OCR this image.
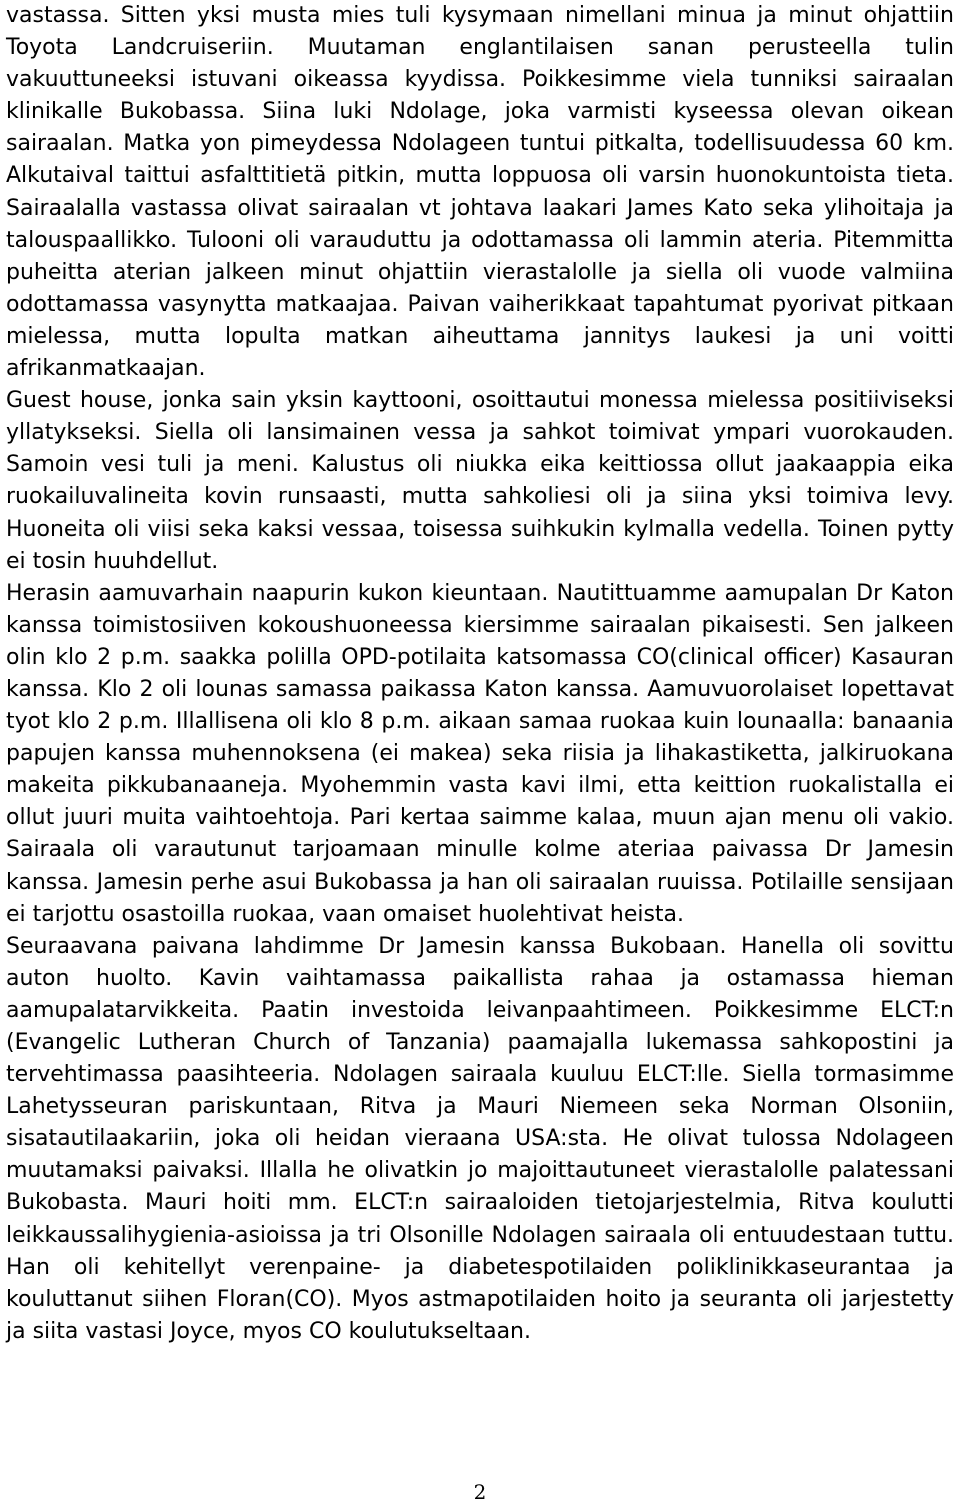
vastassa. Sitten yksi musta mies tuli kysymaan nimellani minua ja minut ohjattiin Toyota Landcruiseriin. Muutaman englantilaisen sanan perusteella tulin vakuuttuneeksi istuvani oikeassa kyydissa. Poikkesimme viela tunniksi sairaalan klinikalle Bukobassa. Siina luki Ndolage, joka varmisti kyseessa olevan oikean sairaalan. Matka yon pimeydessa Ndolageen tuntui pitkalta, todellisuudessa 60 km. Alkutaival taittui asfalttitietä pitkin, mutta loppuosa oli varsin huonokuntoista tieta. Sairaalalla vastassa olivat sairaalan vt johtava laakari James Kato seka ylihoitaja ja talouspaallikko. Tulooni oli varauduttu ja odottamassa oli lammin ateria. Pitemmitta puheitta aterian jalkeen minut ohjattiin vierastalolle ja siella oli vuode valmiina odottamassa vasynytta matkaajaa. Paivan vaiherikkaat tapahtumat pyorivat pitkaan mielessa, mutta lopulta matkan aiheuttama jannitys laukesi ja uni voitti afrikanmatkaajan.

Guest house, jonka sain yksin kayttooni, osoittautui monessa mielessa positiiviseksi yllatykseksi. Siella oli lansimainen vessa ja sahkot toimivat ympari vuorokauden. Samoin vesi tuli ja meni. Kalustus oli niukka eika keittiossa ollut jaakaappia eika ruokailuvalineita kovin runsaasti, mutta sahkoliesi oli ja siina yksi toimiva levy. Huoneita oli viisi seka kaksi vessaa, toisessa suihkukin kylmalla vedella. Toinen pytty ei tosin huuhdellut.

Herasin aamuvarhain naapurin kukon kieuntaan. Nautittuamme aamupalan Dr Katon kanssa toimistosiiven kokoushuoneessa kiersimme sairaalan pikaisesti. Sen jalkeen olin klo 2 p.m. saakka polilla OPD-potilaita katsomassa CO(clinical officer) Kasauran kanssa. Klo 2 oli lounas samassa paikassa Katon kanssa. Aamuvuorolaiset lopettavat tyot klo 2 p.m. Illallisena oli klo 8 p.m. aikaan samaa ruokaa kuin lounaalla: banaania papujen kanssa muhennoksena (ei makea) seka riisia ja lihakastiketta, jalkiruokana makeita pikkubanaaneja. Myohemmin vasta kavi ilmi, etta keittion ruokalistalla ei ollut juuri muita vaihtoehtoja. Pari kertaa saimme kalaa, muun ajan menu oli vakio. Sairaala oli varautunut tarjoamaan minulle kolme ateriaa paivassa Dr Jamesin kanssa. Jamesin perhe asui Bukobassa ja han oli sairaalan ruuissa. Potilaille sensijaan ei tarjottu osastoilla ruokaa, vaan omaiset huolehtivat heista.

Seuraavana paivana lahdimme Dr Jamesin kanssa Bukobaan. Hanella oli sovittu auton huolto. Kavin vaihtamassa paikallista rahaa ja ostamassa hieman aamupalatarvikkeita. Paatin investoida leivanpaahtimeen. Poikkesimme ELCT:n (Evangelic Lutheran Church of Tanzania) paamajalla lukemassa sahkopostini ja tervehtimassa paasihteeria. Ndolagen sairaala kuuluu ELCT:lle. Siella tormasimme Lahetysseuran pariskuntaan, Ritva ja Mauri Niemeen seka Norman Olsoniin, sisatautilaakariin, joka oli heidan vieraana USA:sta. He olivat tulossa Ndolageen muutamaksi paivaksi. Illalla he olivatkin jo majoittautuneet vierastalolle palatessani Bukobasta. Mauri hoiti mm. ELCT:n sairaaloiden tietojarjestelmia, Ritva koulutti leikkaussalihygienia-asioissa ja tri Olsonille Ndolagen sairaala oli entuudestaan tuttu. Han oli kehitellyt verenpaine- ja diabetespotilaiden poliklinikkaseurantaa ja kouluttanut siihen Floran(CO). Myos astmapotilaiden hoito ja seuranta oli jarjestetty ja siita vastasi Joyce, myos CO koulutukseltaan.

2
